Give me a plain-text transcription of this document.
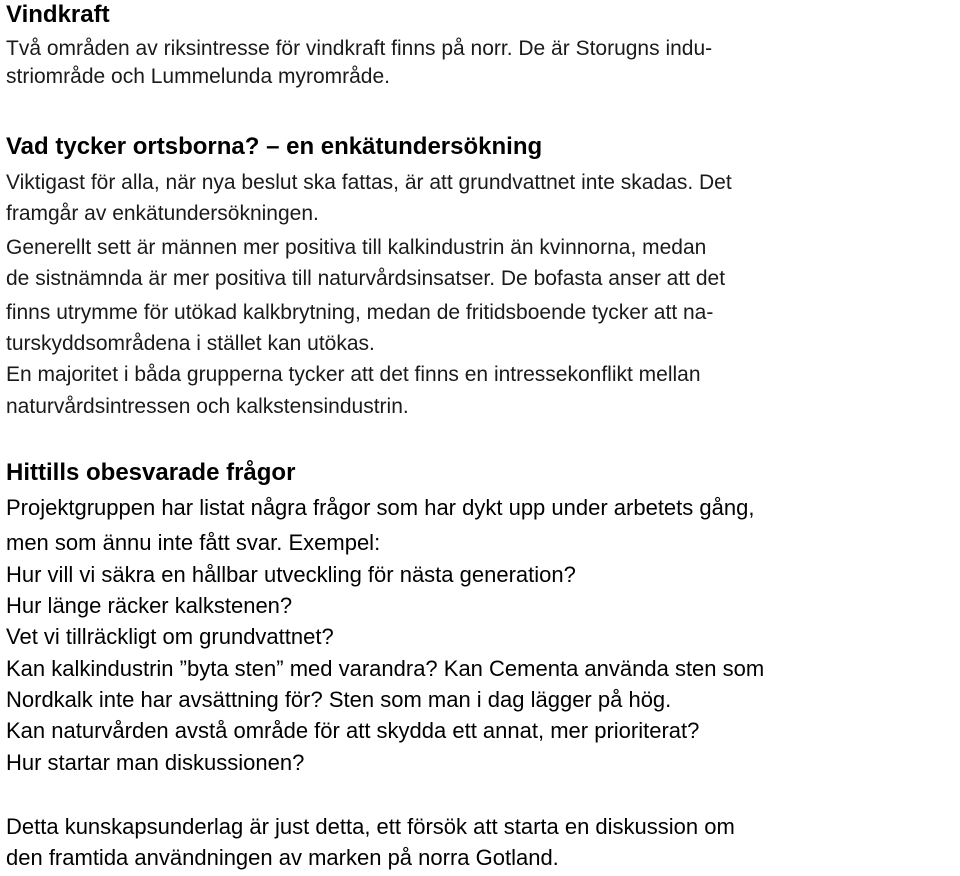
Vindkraft

Två områden av riksintresse för vindkraft finns på norr. De är Storugns indu-

striområde och Lummelunda myrområde.

Vad tycker ortsborna? – en enkätundersökning

Viktigast för alla, när nya beslut ska fattas, är att grundvattnet inte skadas. Det

framgår av enkätundersökningen.

Generellt sett är männen mer positiva till kalkindustrin än kvinnorna, medan

de sistnämnda är mer positiva till naturvårdsinsatser. De bofasta anser att det

finns utrymme för utökad kalkbrytning, medan de fritidsboende tycker att na-

turskyddsområdena i stället kan utökas.

En majoritet i båda grupperna tycker att det finns en intressekonflikt mellan

naturvårdsintressen och kalkstensindustrin.

Hittills obesvarade frågor

Projektgruppen har listat några frågor som har dykt upp under arbetets gång,

men som ännu inte fått svar. Exempel:

Hur vill vi säkra en hållbar utveckling för nästa generation?

Hur länge räcker kalkstenen?

Vet vi tillräckligt om grundvattnet?

Kan kalkindustrin ”byta sten” med varandra? Kan Cementa använda sten som

Nordkalk inte har avsättning för? Sten som man i dag lägger på hög.

Kan naturvården avstå område för att skydda ett annat, mer prioriterat?

Hur startar man diskussionen?

Detta kunskapsunderlag är just detta, ett försök att starta en diskussion om

den framtida användningen av marken på norra Gotland.
